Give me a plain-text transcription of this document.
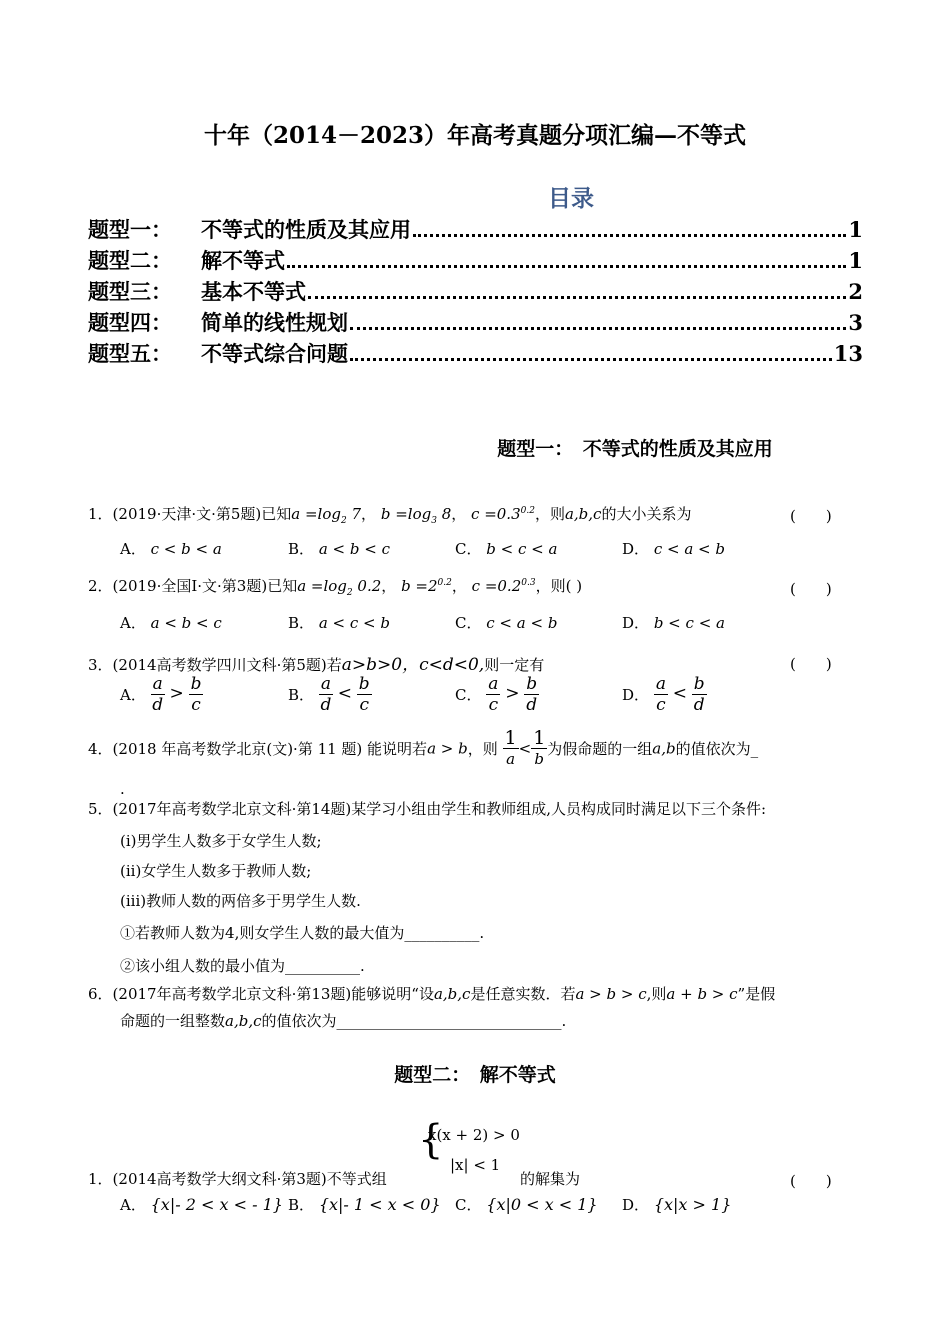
十年（2014－2023）年高考真题分项汇编—不等式
目录
题型一：	不等式的性质及其应用	1
题型二：	解不等式	1
题型三：	基本不等式	2
题型四：	简单的线性规划	3
题型五：	不等式综合问题	13
题型一：　不等式的性质及其应用
1．(2019·天津·文·第5题)已知$a =\log_2$ 7， $b =\log_3$ 8， $c =0.3^{0.2}$，则a,b,c的大小关系为	(　　)
A． c < b < a	B． a < b < c	C． b < c < a	D． c < a < b
2．(2019·全国Ⅰ·文·第3题)已知$a =\log_2$ 0.2， $b =2^{0.2}$， $c =0.2^{0.3}$，则( )	(　　)
A． a < b < c	B． a < c < b	C． c < a < b	D． b < c < a
3．(2014高考数学四川文科·第5题)若a>b>0，c<d<0,则一定有	(　　)
A． $\frac{a}{d} > \frac{b}{c}$	B． $\frac{a}{d} < \frac{b}{c}$	C． $\frac{a}{c} > \frac{b}{d}$	D． $\frac{a}{c} < \frac{b}{d}$
4．(2018 年高考数学北京(文)·第 11 题) 能说明若a > b，则 $\frac{1}{a} < \frac{1}{b}$ 为假命题的一组a,b的值依次为_
.
5．(2017年高考数学北京文科·第14题)某学习小组由学生和教师组成,人员构成同时满足以下三个条件:
(i)男学生人数多于女学生人数;
(ii)女学生人数多于教师人数;
(iii)教师人数的两倍多于男学生人数.
①若教师人数为4,则女学生人数的最大值为__________.
②该小组人数的最小值为__________.
6．(2017年高考数学北京文科·第13题)能够说明“设a,b,c是任意实数．若a > b > c,则a + b > c”是假
命题的一组整数a,b,c的值依次为______________________________.
题型二：　解不等式
{
x(x + 2) > 0
|x| < 1
1．(2014高考数学大纲文科·第3题)不等式组	的解集为	(　　)
A． {x|- 2 < x < - 1} B． {x|- 1 < x < 0} C． {x|0 < x < 1} D． {x|x > 1}
